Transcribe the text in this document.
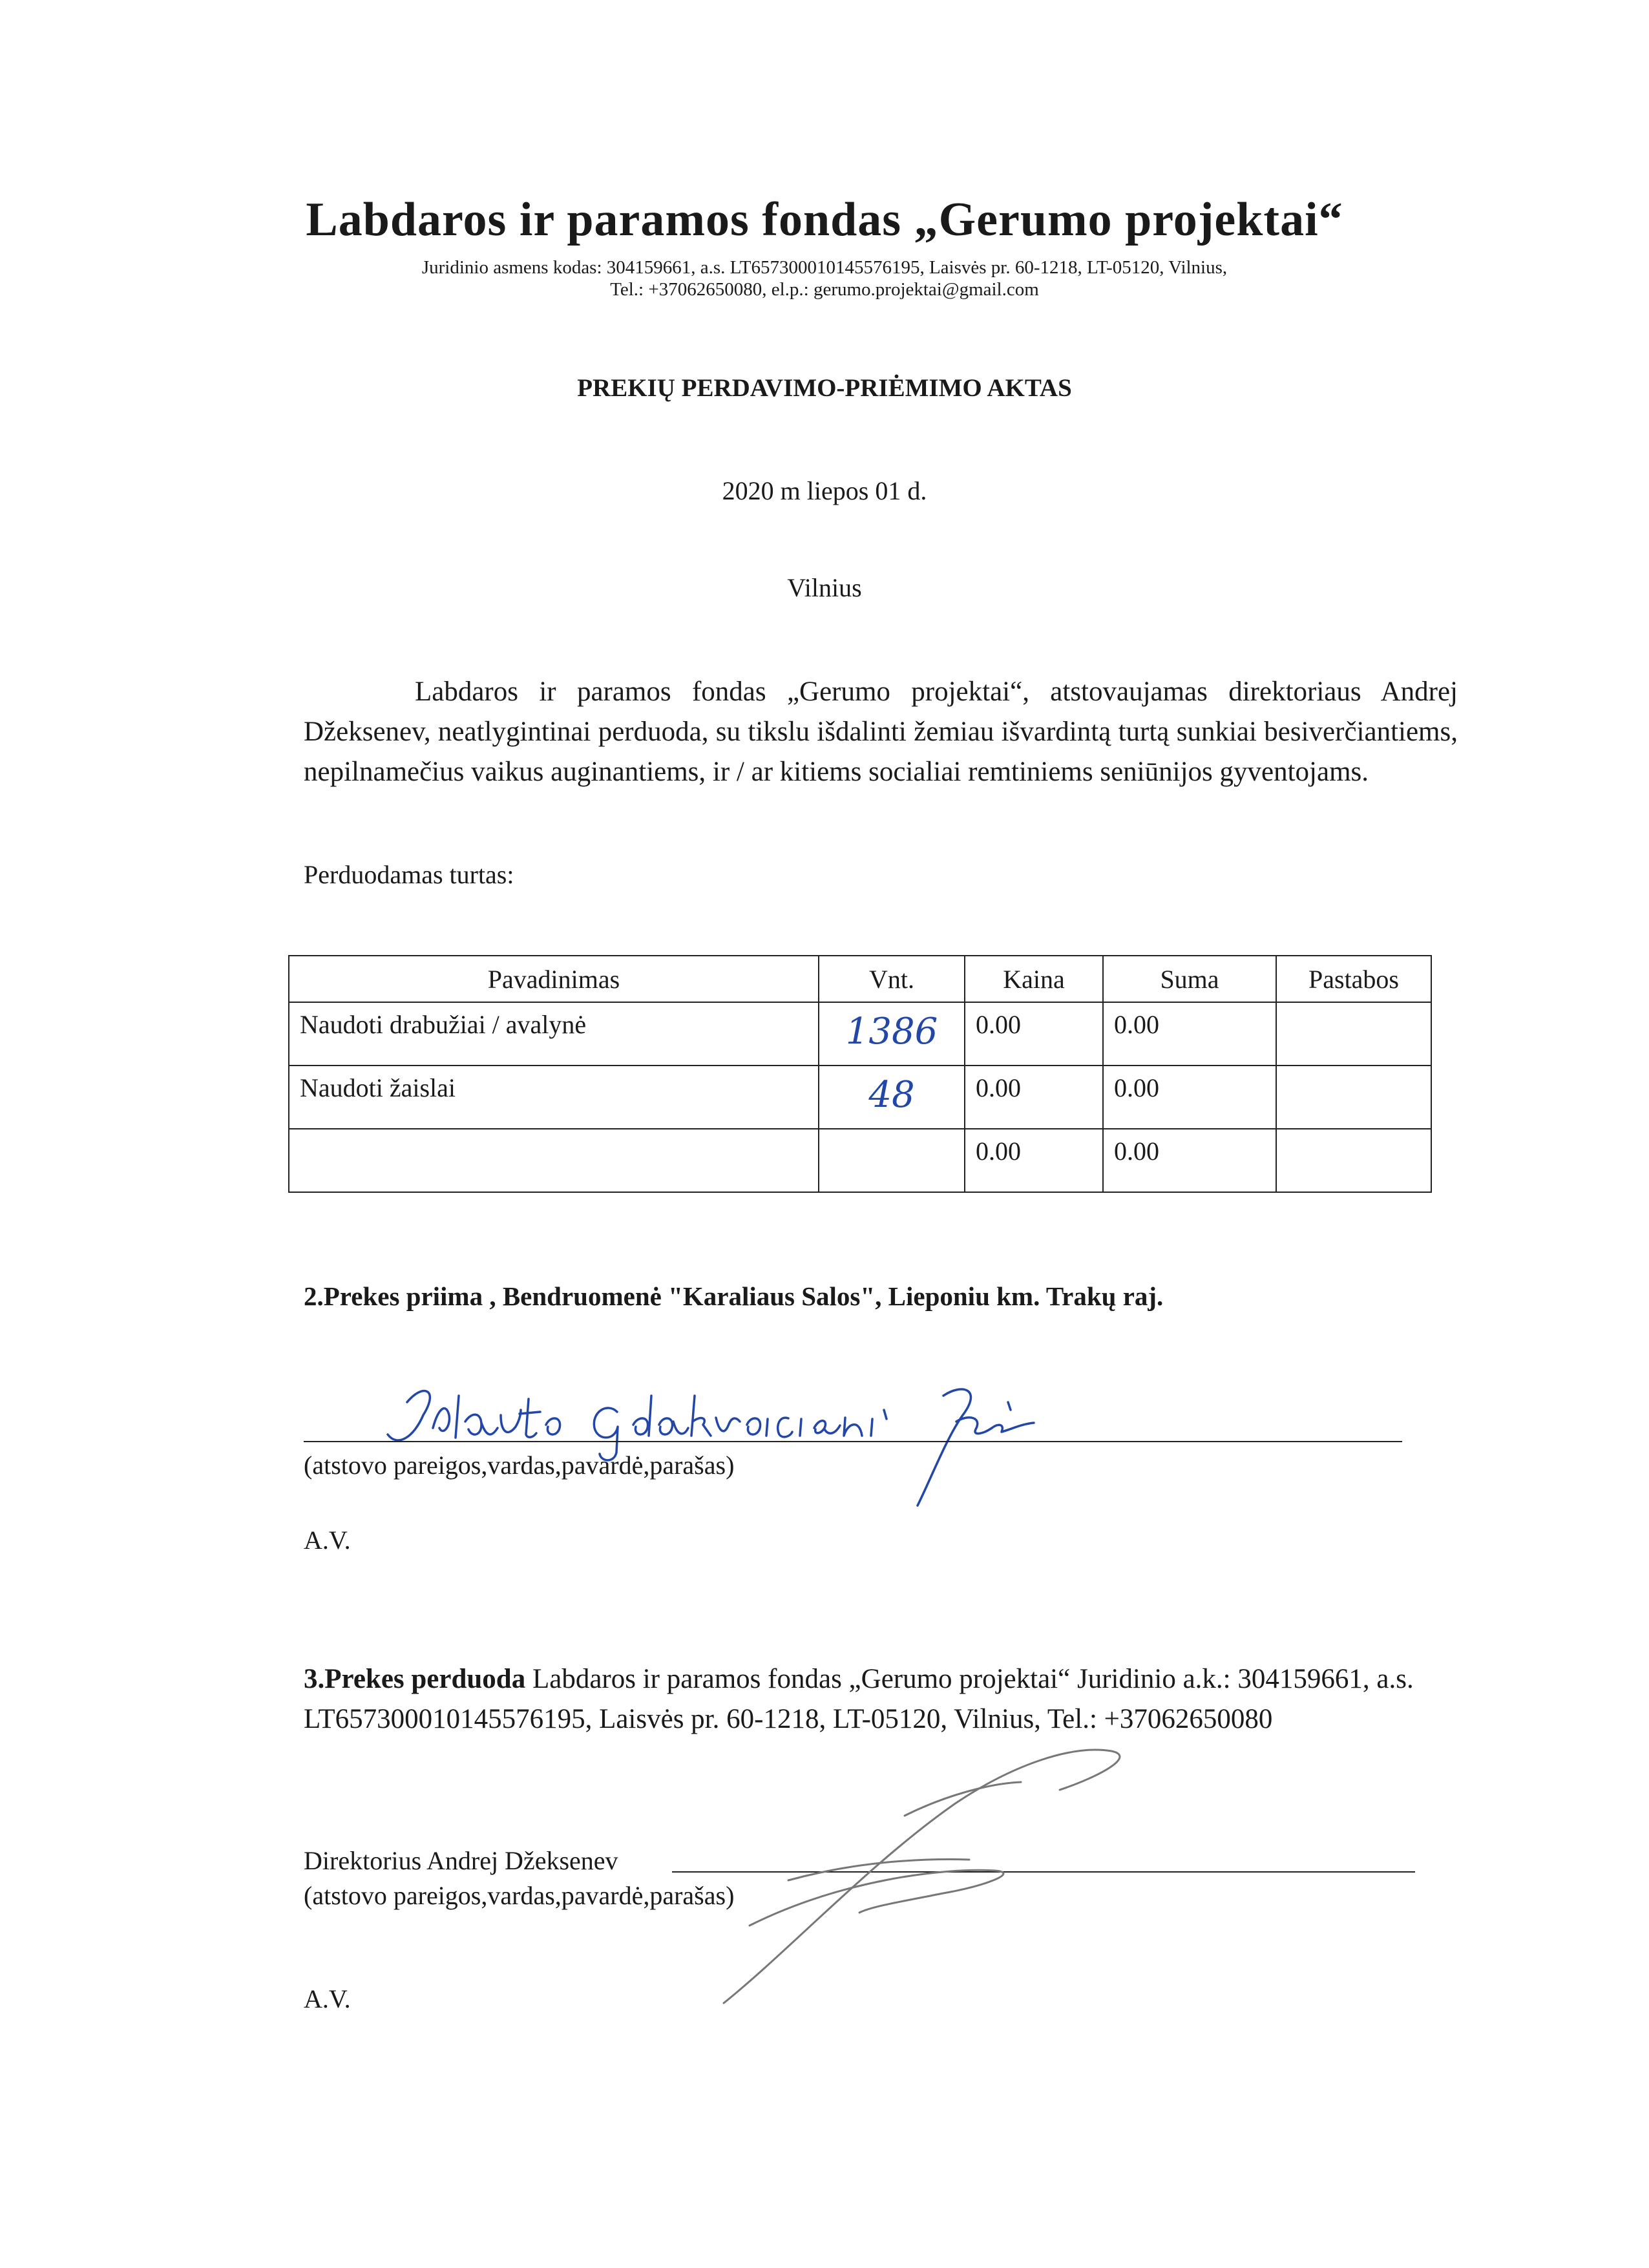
Labdaros ir paramos fondas „Gerumo projektai“
Juridinio asmens kodas: 304159661, a.s. LT657300010145576195, Laisvės pr. 60-1218, LT-05120, Vilnius,
Tel.: +37062650080, el.p.: gerumo.projektai@gmail.com
PREKIŲ PERDAVIMO-PRIĖMIMO AKTAS
2020 m liepos 01 d.
Vilnius
Labdaros ir paramos fondas „Gerumo projektai“, atstovaujamas direktoriaus Andrej Džeksenev, neatlygintinai perduoda, su tikslu išdalinti žemiau išvardintą turtą sunkiai besiverčiantiems, nepilnamečius vaikus auginantiems, ir / ar kitiems socialiai remtiniems seniūnijos gyventojams.
Perduodamas turtas:
Pavadinimas	Vnt.	Kaina	Suma	Pastabos
Naudoti drabužiai / avalynė	1386	0.00	0.00	
Naudoti žaislai	48	0.00	0.00	
		0.00	0.00	
2.Prekes priima , Bendruomenė "Karaliaus Salos", Lieponiu km. Trakų raj.
(atstovo pareigos,vardas,pavardė,parašas)
A.V.
3.Prekes perduoda Labdaros ir paramos fondas „Gerumo projektai“ Juridinio a.k.: 304159661, a.s. LT657300010145576195, Laisvės pr. 60-1218, LT-05120, Vilnius, Tel.: +37062650080
Direktorius Andrej Džeksenev
(atstovo pareigos,vardas,pavardė,parašas)
A.V.
